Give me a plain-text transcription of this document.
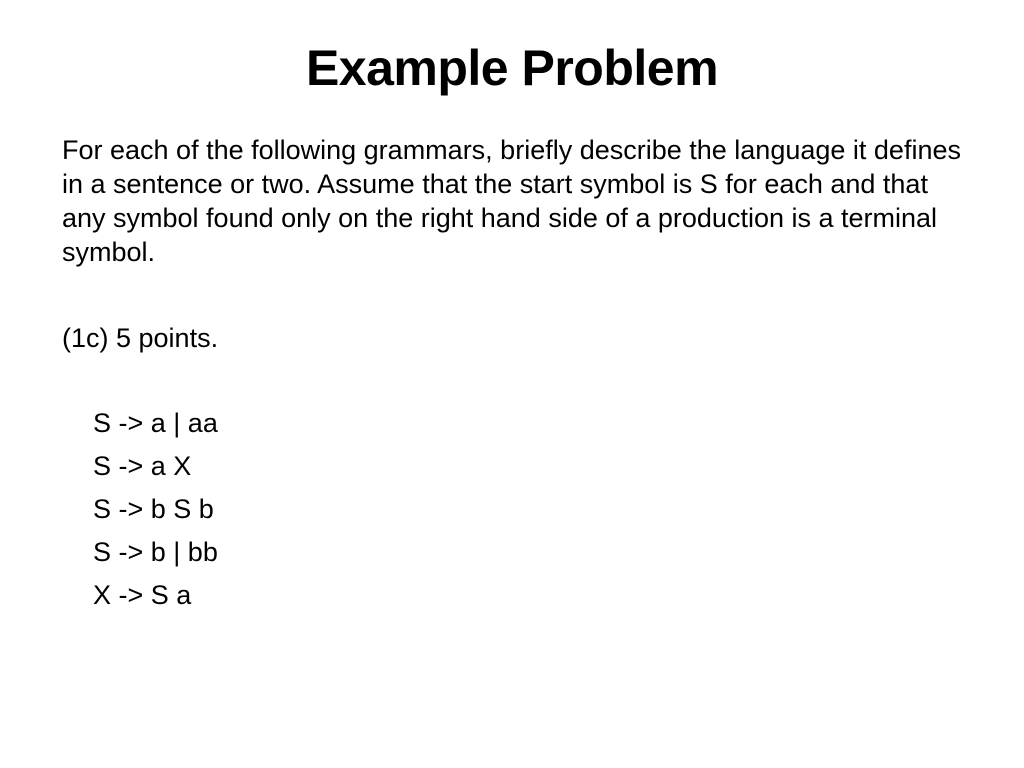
Example Problem
For each of the following grammars, briefly describe the language it defines in a sentence or two. Assume that the start symbol is S for each and that any symbol found only on the right hand side of a production is a terminal symbol.
(1c) 5 points.
S -> a | aa
S -> a X
S -> b S b
S -> b | bb
X -> S a
